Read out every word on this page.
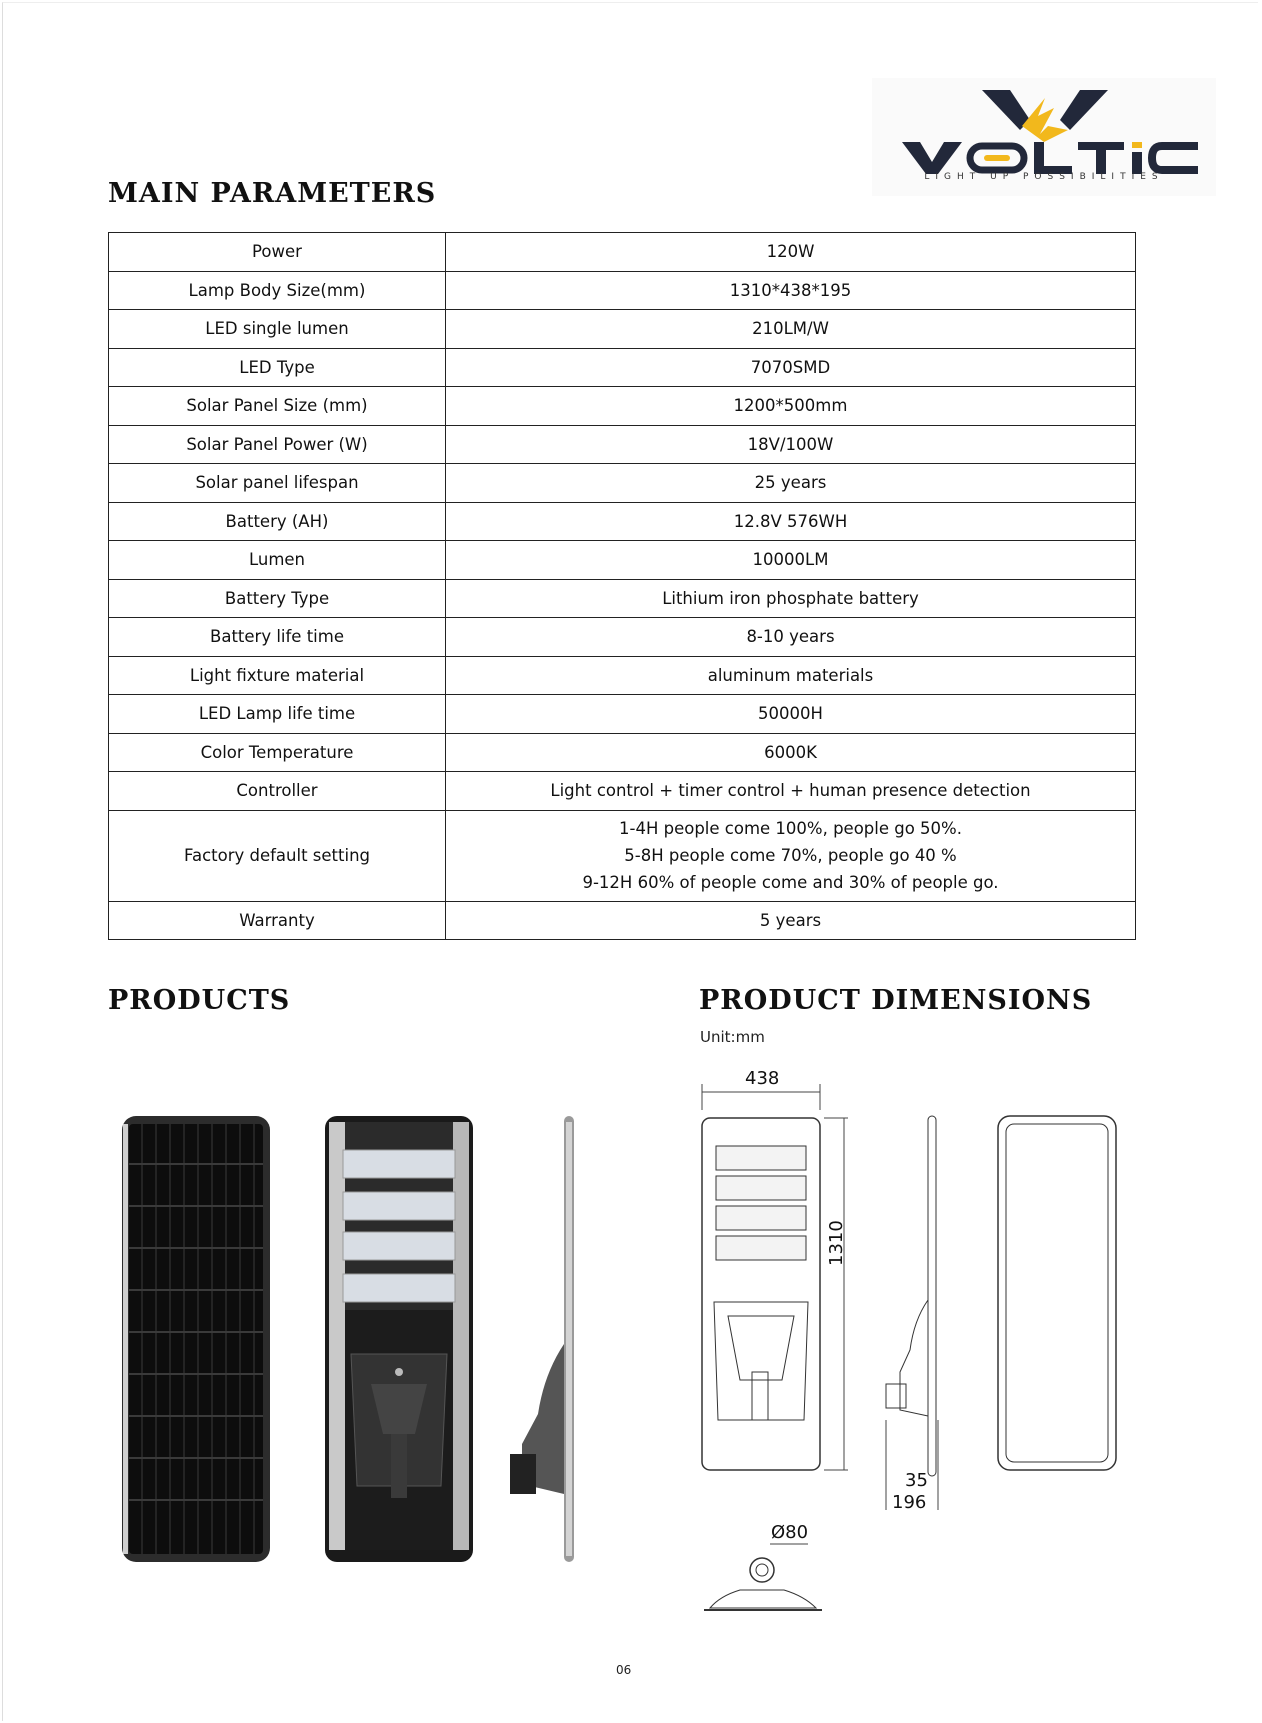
LIGHT UP POSSIBILITIES
MAIN PARAMETERS
PRODUCTS	PRODUCT DIMENSIONS
Power	120W
Lamp Body Size(mm)	1310*438*195
LED single lumen	210LM/W
LED Type	7070SMD
Solar Panel Size (mm)	1200*500mm
Solar Panel Power (W)	18V/100W
Solar panel lifespan	25 years
Battery (AH)	12.8V 576WH
Lumen	10000LM
Battery Type	Lithium iron phosphate battery
Battery life time	8-10 years
Light fixture material	aluminum materials
LED Lamp life time	50000H
Color Temperature	6000K
Controller	Light control + timer control + human presence detection
Factory default setting	1-4H people come 100%, people go 50%.
5-8H people come 70%, people go 40 %
9-12H 60% of people come and 30% of people go.

Warranty	5 years
Unit:mm
438
1310
35
196
Ø80
06
